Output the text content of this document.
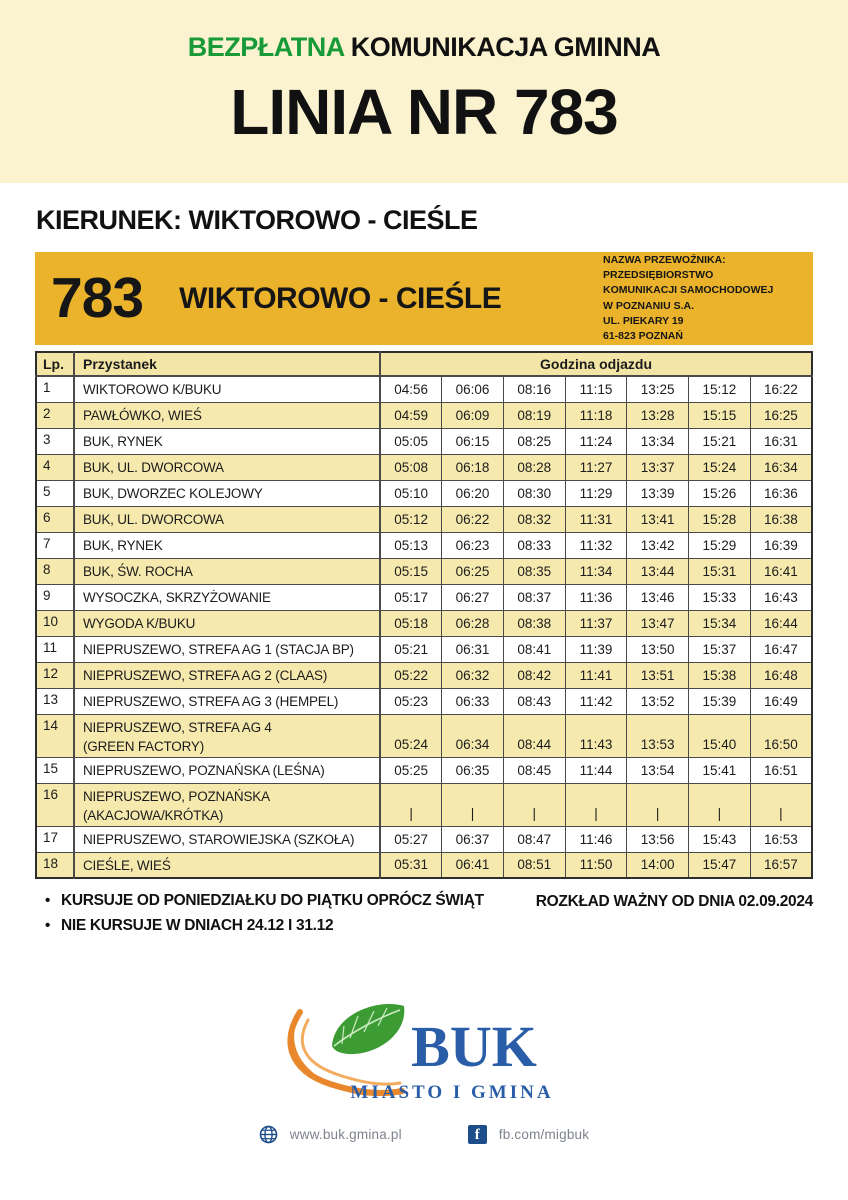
BEZPŁATNA KOMUNIKACJA GMINNA
LINIA NR 783
KIERUNEK: WIKTOROWO - CIEŚLE
783 WIKTOROWO - CIEŚLE
NAZWA PRZEWOŹNIKA:
PRZEDSIĘBIORSTWO
KOMUNIKACJI SAMOCHODOWEJ
W POZNANIU S.A.
UL. PIEKARY 19
61-823 POZNAŃ
Lp.	Przystanek	Godzina odjazdu						
1	WIKTOROWO K/BUKU	04:56	06:06	08:16	11:15	13:25	15:12	16:22
2	PAWŁÓWKO, WIEŚ	04:59	06:09	08:19	11:18	13:28	15:15	16:25
3	BUK, RYNEK	05:05	06:15	08:25	11:24	13:34	15:21	16:31
4	BUK, UL. DWORCOWA	05:08	06:18	08:28	11:27	13:37	15:24	16:34
5	BUK, DWORZEC KOLEJOWY	05:10	06:20	08:30	11:29	13:39	15:26	16:36
6	BUK, UL. DWORCOWA	05:12	06:22	08:32	11:31	13:41	15:28	16:38
7	BUK, RYNEK	05:13	06:23	08:33	11:32	13:42	15:29	16:39
8	BUK, ŚW. ROCHA	05:15	06:25	08:35	11:34	13:44	15:31	16:41
9	WYSOCZKA, SKRZYŻOWANIE	05:17	06:27	08:37	11:36	13:46	15:33	16:43
10	WYGODA K/BUKU	05:18	06:28	08:38	11:37	13:47	15:34	16:44
11	NIEPRUSZEWO, STREFA AG 1 (STACJA BP)	05:21	06:31	08:41	11:39	13:50	15:37	16:47
12	NIEPRUSZEWO, STREFA AG 2 (CLAAS)	05:22	06:32	08:42	11:41	13:51	15:38	16:48
13	NIEPRUSZEWO, STREFA AG 3 (HEMPEL)	05:23	06:33	08:43	11:42	13:52	15:39	16:49
14	NIEPRUSZEWO, STREFA AG 4
(GREEN FACTORY)	05:24	06:34	08:44	11:43	13:53	15:40	16:50
15	NIEPRUSZEWO, POZNAŃSKA (LEŚNA)	05:25	06:35	08:45	11:44	13:54	15:41	16:51
16	NIEPRUSZEWO, POZNAŃSKA (AKACJOWA/KRÓTKA)	|	|	|	|	|	|	|
17	NIEPRUSZEWO, STAROWIEJSKA (SZKOŁA)	05:27	06:37	08:47	11:46	13:56	15:43	16:53
18	CIEŚLE, WIEŚ	05:31	06:41	08:51	11:50	14:00	15:47	16:57
• KURSUJE OD PONIEDZIAŁKU DO PIĄTKU OPRÓCZ ŚWIĄT
• NIE KURSUJE W DNIACH 24.12 I 31.12
ROZKŁAD WAŻNY OD DNIA 02.09.2024
BUK
MIASTO I GMINA
www.buk.gmina.pl	f fb.com/migbuk
